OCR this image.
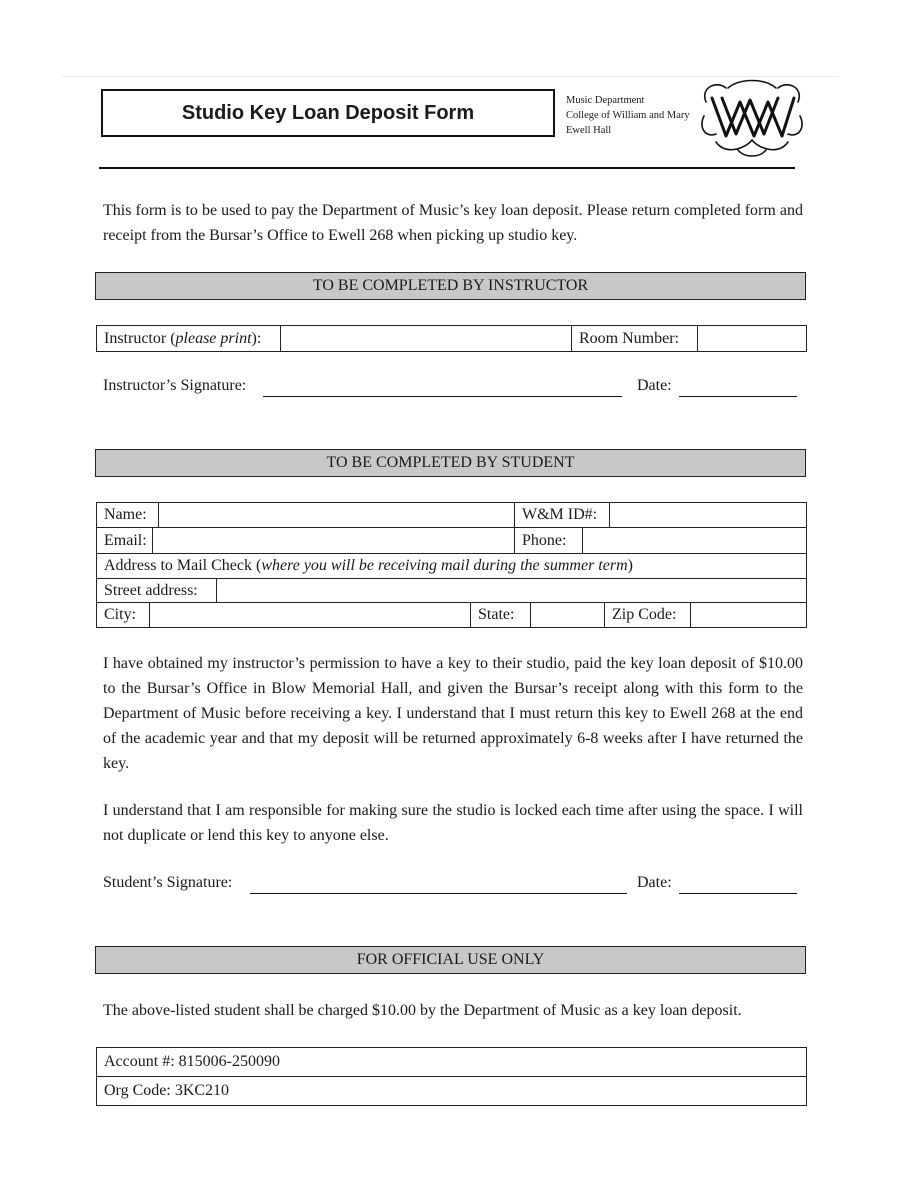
Studio Key Loan Deposit Form
Music Department
College of William and Mary
Ewell Hall

This form is to be used to pay the Department of Music’s key loan deposit. Please return completed form and receipt from the Bursar’s Office to Ewell 268 when picking up studio key.

TO BE COMPLETED BY INSTRUCTOR
Instructor ( please print ):	Room Number:
Instructor’s Signature:	Date:
TO BE COMPLETED BY STUDENT
Name:	W&M ID#:
Email:	Phone:
Address to Mail Check ( where you will be receiving mail during the summer term )
Street address:
City:	State:	Zip Code:

I have obtained my instructor’s permission to have a key to their studio, paid the key loan deposit of $10.00 to the Bursar’s Office in Blow Memorial Hall, and given the Bursar’s receipt along with this form to the Department of Music before receiving a key. I understand that I must return this key to Ewell 268 at the end of the academic year and that my deposit will be returned approximately 6-8 weeks after I have returned the key.

I understand that I am responsible for making sure the studio is locked each time after using the space. I will not duplicate or lend this key to anyone else.

Student’s Signature:	Date:
FOR OFFICIAL USE ONLY
The above-listed student shall be charged $10.00 by the Department of Music as a key loan deposit.
Account #: 815006-250090
Org Code: 3KC210
